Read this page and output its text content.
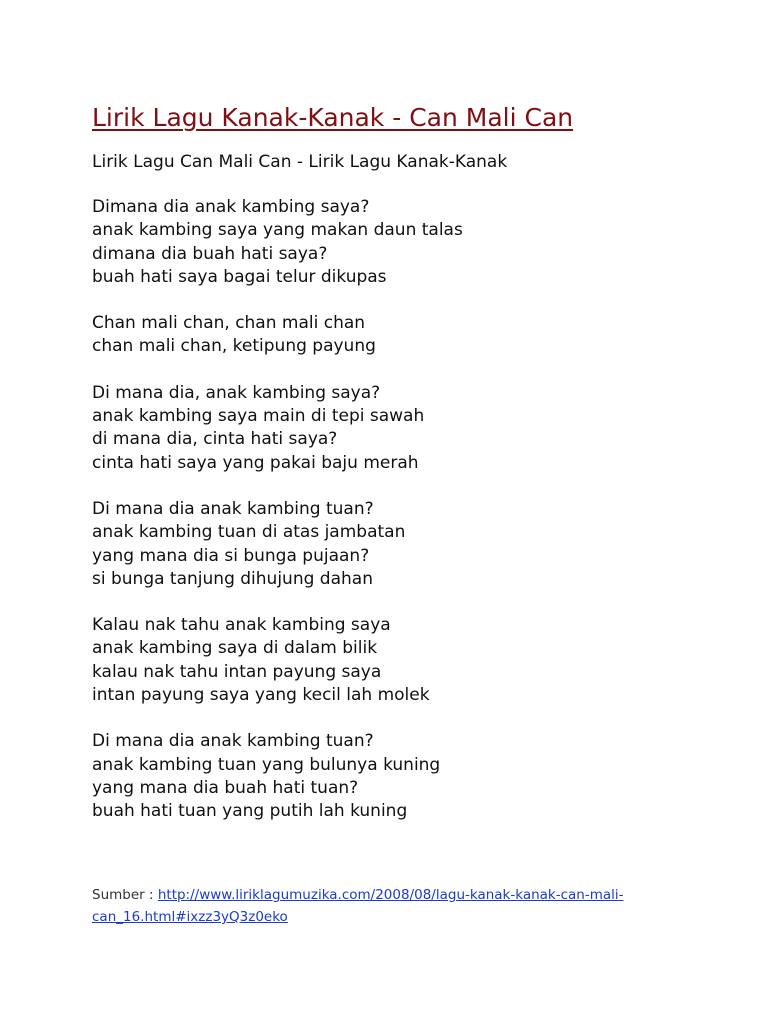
Lirik Lagu Kanak-Kanak - Can Mali Can

Lirik Lagu Can Mali Can - Lirik Lagu Kanak-Kanak

Dimana dia anak kambing saya?
anak kambing saya yang makan daun talas
dimana dia buah hati saya?
buah hati saya bagai telur dikupas
Chan mali chan, chan mali chan
chan mali chan, ketipung payung
Di mana dia, anak kambing saya?
anak kambing saya main di tepi sawah
di mana dia, cinta hati saya?
cinta hati saya yang pakai baju merah
Di mana dia anak kambing tuan?
anak kambing tuan di atas jambatan
yang mana dia si bunga pujaan?
si bunga tanjung dihujung dahan
Kalau nak tahu anak kambing saya
anak kambing saya di dalam bilik
kalau nak tahu intan payung saya
intan payung saya yang kecil lah molek
Di mana dia anak kambing tuan?
anak kambing tuan yang bulunya kuning
yang mana dia buah hati tuan?
buah hati tuan yang putih lah kuning
Sumber : http://www.liriklagumuzika.com/2008/08/lagu-kanak-kanak-can-mali-can_16.html#ixzz3yQ3z0eko
